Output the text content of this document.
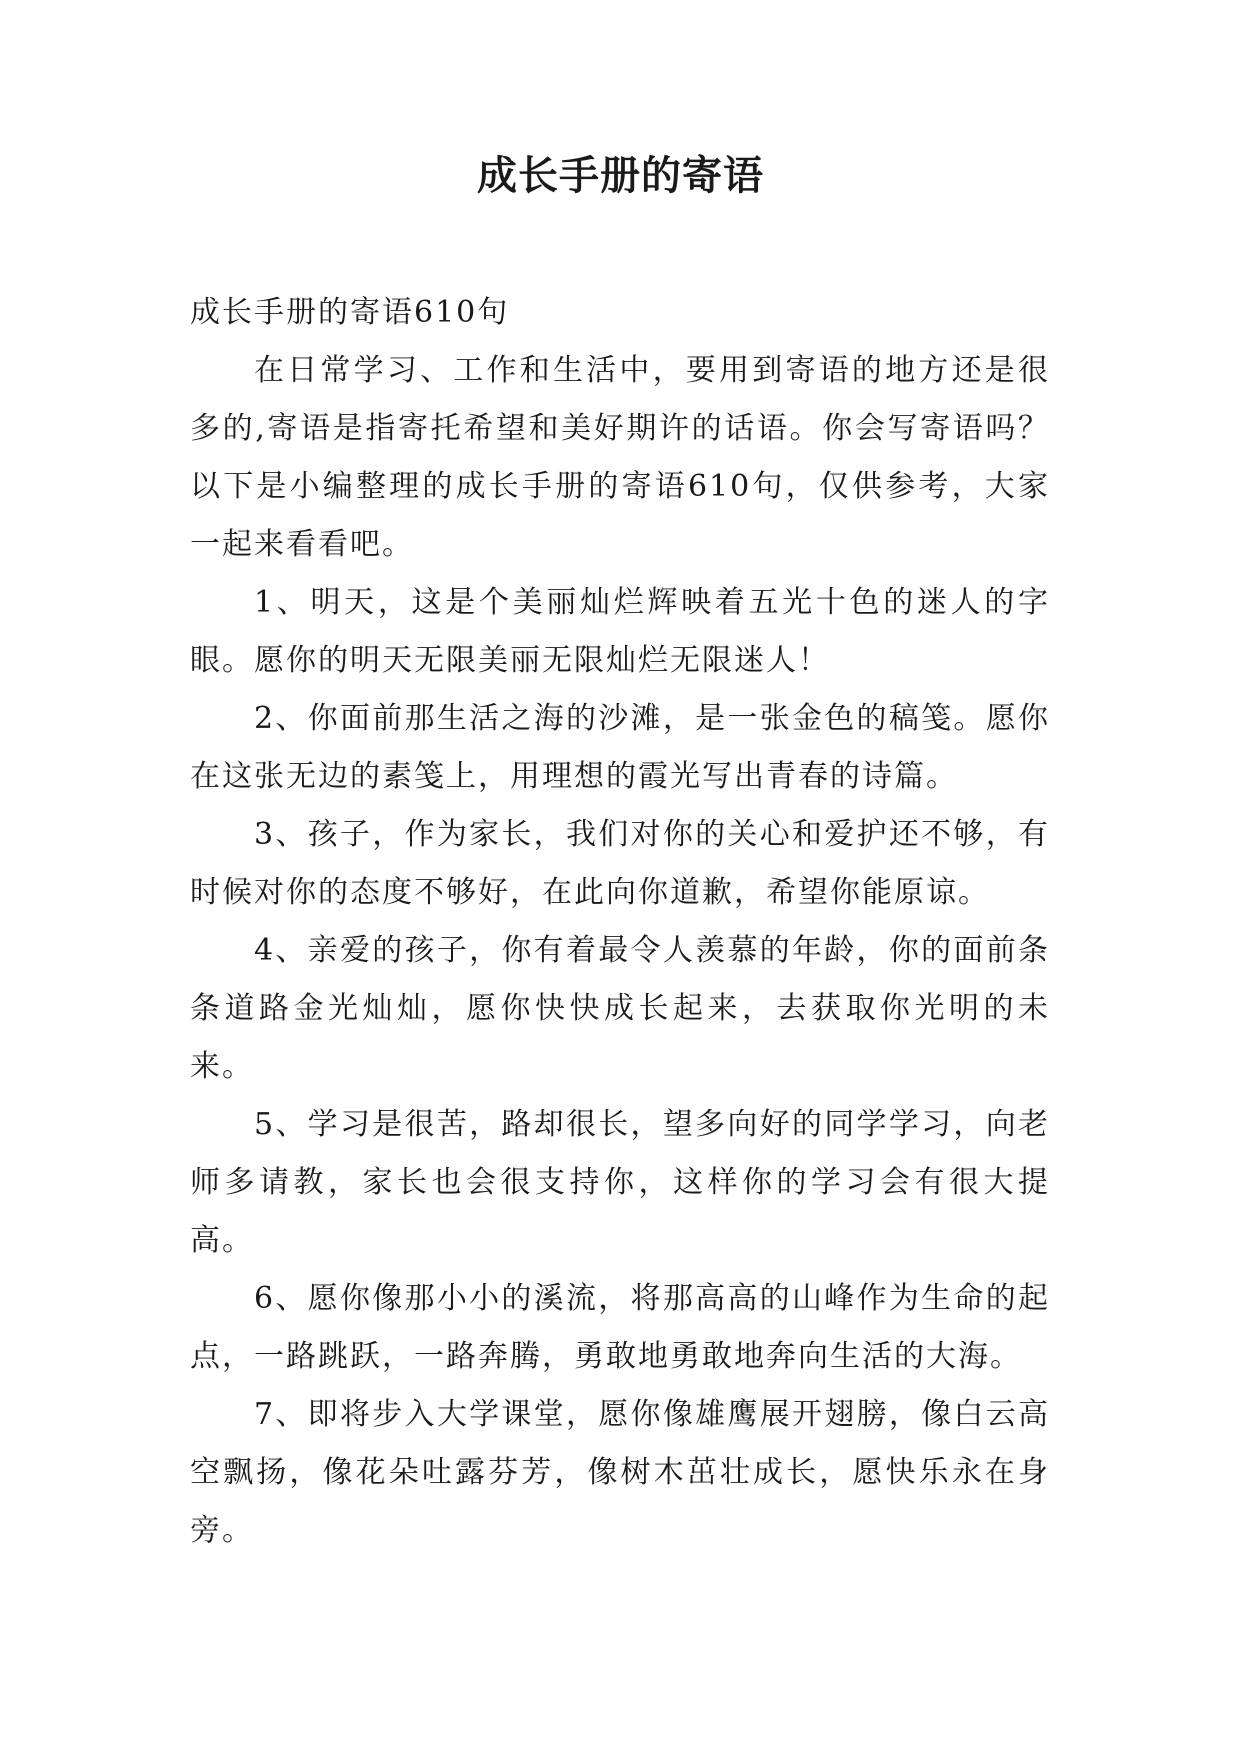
成长手册的寄语

成长手册的寄语610句

在日常学习、工作和生活中，要用到寄语的地方还是很多的,寄语是指寄托希望和美好期许的话语。你会写寄语吗？以下是小编整理的成长手册的寄语610句，仅供参考，大家一起来看看吧。

1、明天，这是个美丽灿烂辉映着五光十色的迷人的字眼。愿你的明天无限美丽无限灿烂无限迷人！

2、你面前那生活之海的沙滩，是一张金色的稿笺。愿你在这张无边的素笺上，用理想的霞光写出青春的诗篇。

3、孩子，作为家长，我们对你的关心和爱护还不够，有时候对你的态度不够好，在此向你道歉，希望你能原谅。

4、亲爱的孩子，你有着最令人羡慕的年龄，你的面前条条道路金光灿灿，愿你快快成长起来，去获取你光明的未来。

5、学习是很苦，路却很长，望多向好的同学学习，向老师多请教，家长也会很支持你，这样你的学习会有很大提高。

6、愿你像那小小的溪流，将那高高的山峰作为生命的起点，一路跳跃，一路奔腾，勇敢地勇敢地奔向生活的大海。

7、即将步入大学课堂，愿你像雄鹰展开翅膀，像白云高空飘扬，像花朵吐露芬芳，像树木茁壮成长，愿快乐永在身旁。
